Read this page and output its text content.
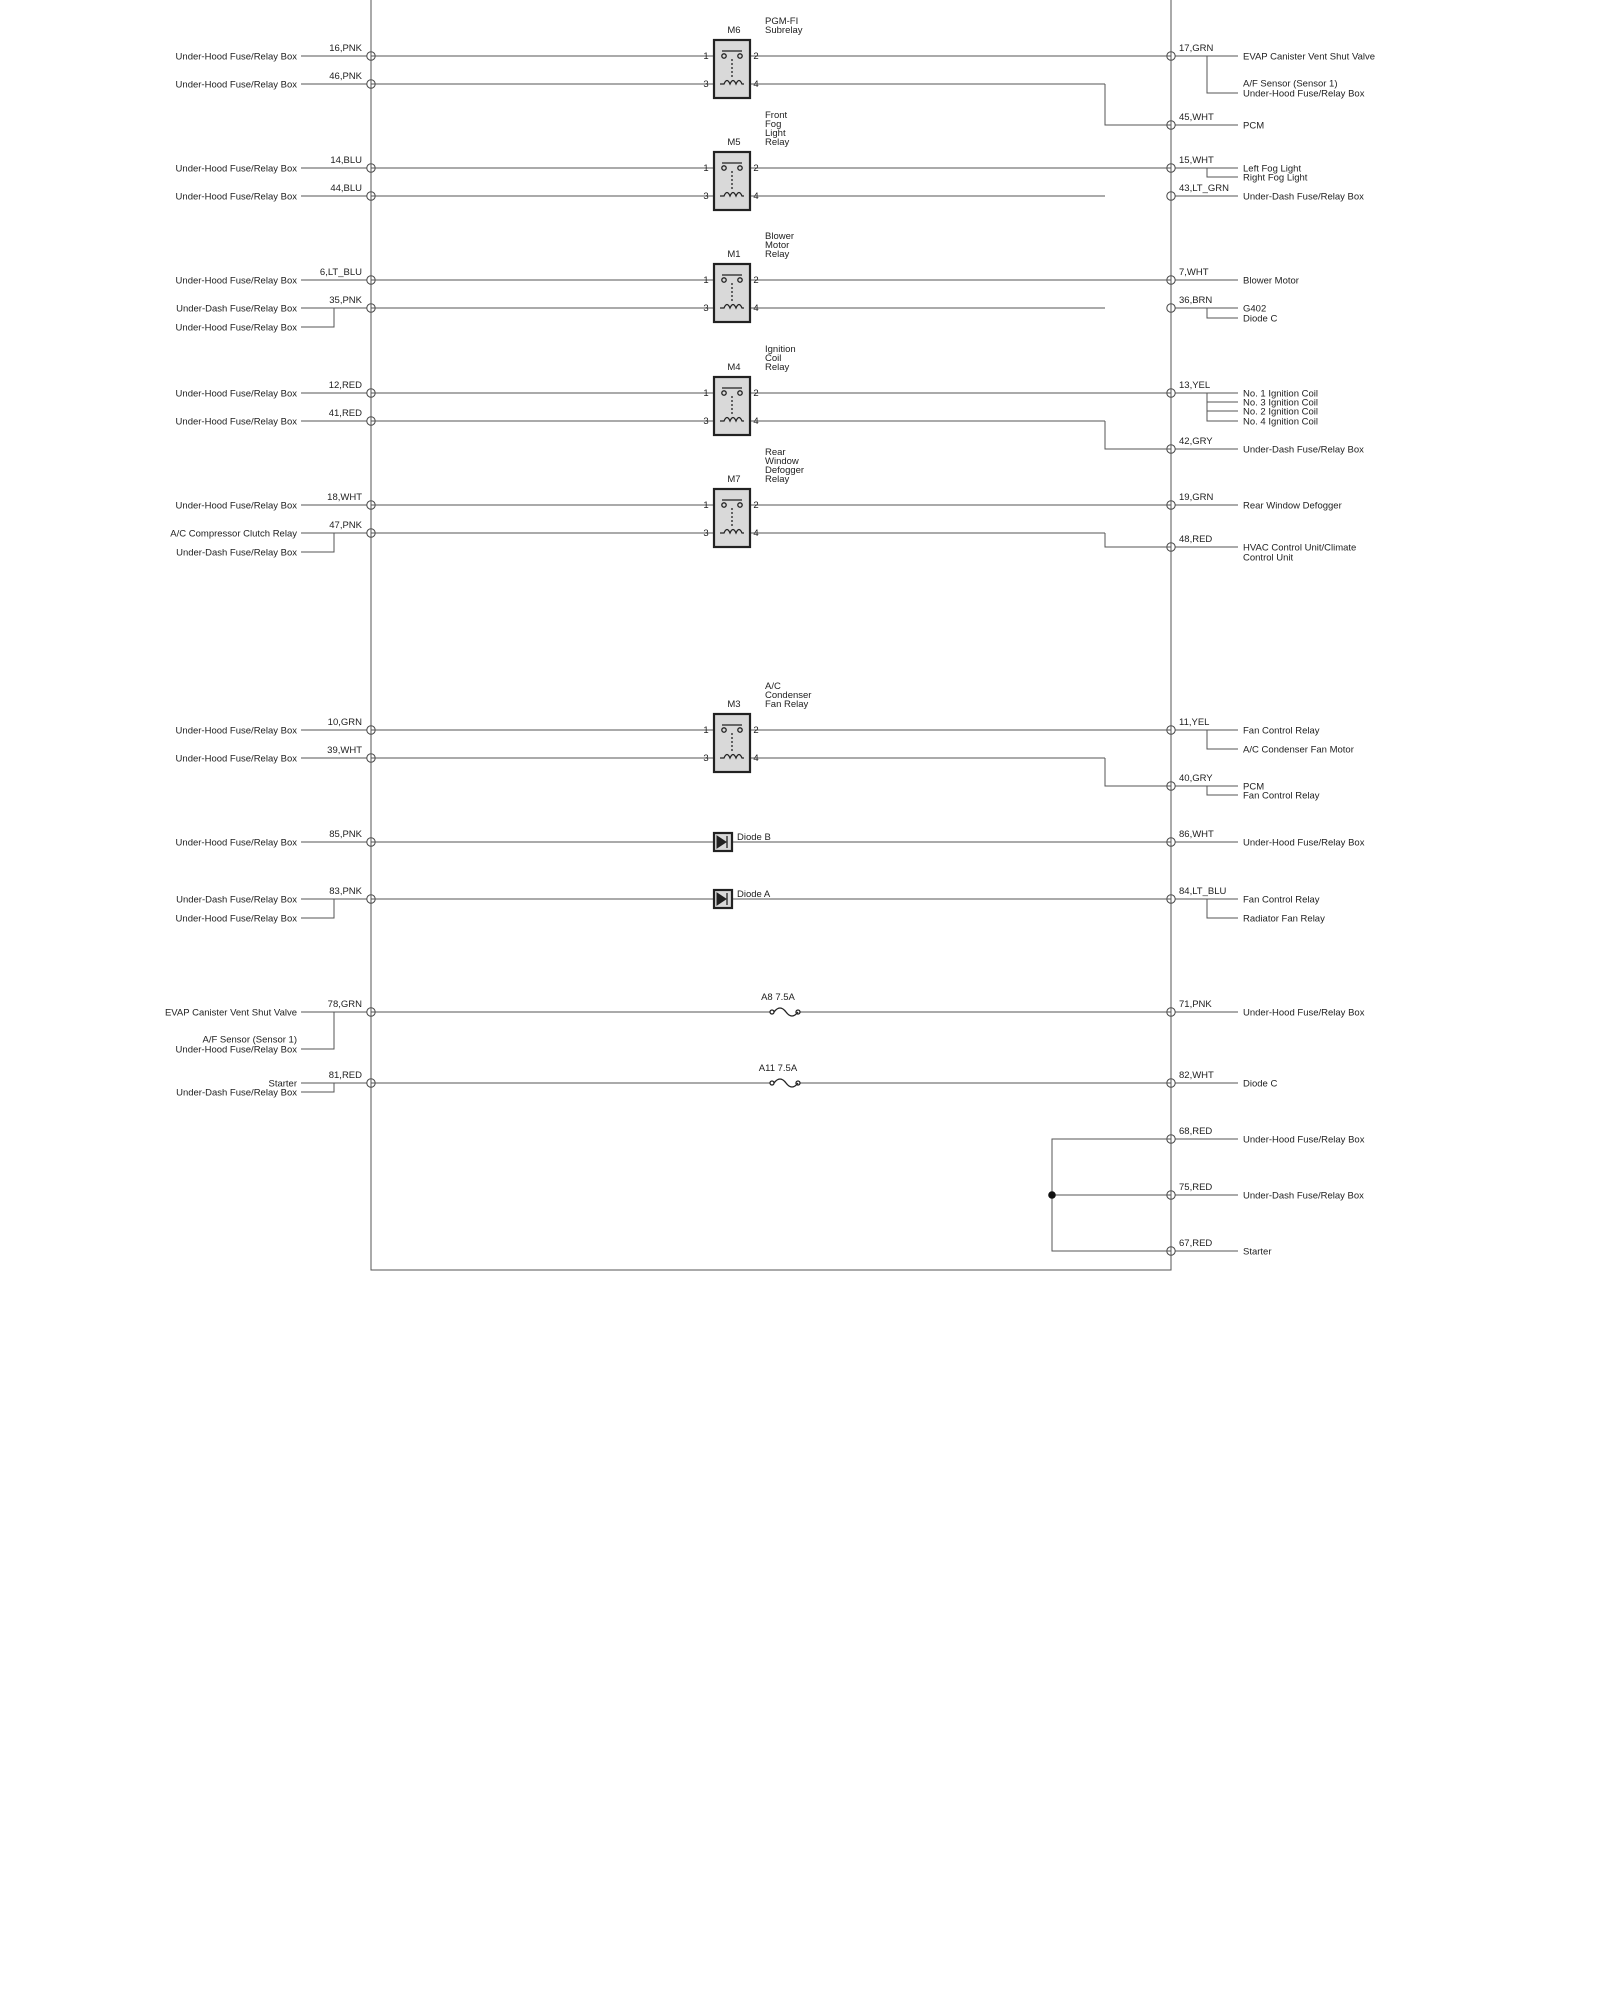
16,PNK
Under-Hood Fuse/Relay Box
46,PNK
Under-Hood Fuse/Relay Box
14,BLU
Under-Hood Fuse/Relay Box
44,BLU
Under-Hood Fuse/Relay Box
6,LT_BLU
Under-Hood Fuse/Relay Box
35,PNK
Under-Dash Fuse/Relay Box
Under-Hood Fuse/Relay Box
12,RED
Under-Hood Fuse/Relay Box
41,RED
Under-Hood Fuse/Relay Box
18,WHT
Under-Hood Fuse/Relay Box
47,PNK
A/C Compressor Clutch Relay
Under-Dash Fuse/Relay Box
10,GRN
Under-Hood Fuse/Relay Box
39,WHT
Under-Hood Fuse/Relay Box
85,PNK
Under-Hood Fuse/Relay Box
83,PNK
Under-Dash Fuse/Relay Box
Under-Hood Fuse/Relay Box
78,GRN
EVAP Canister Vent Shut Valve
A/F Sensor (Sensor 1)
Under-Hood Fuse/Relay Box
81,RED
Starter
Under-Dash Fuse/Relay Box
17,GRN
EVAP Canister Vent Shut Valve
A/F Sensor (Sensor 1)
Under-Hood Fuse/Relay Box
45,WHT
PCM
15,WHT
Left Fog Light
Right Fog Light
43,LT_GRN
Under-Dash Fuse/Relay Box
7,WHT
Blower Motor
36,BRN
G402
Diode C
13,YEL
No. 1 Ignition Coil
No. 3 Ignition Coil
No. 2 Ignition Coil
No. 4 Ignition Coil
42,GRY
Under-Dash Fuse/Relay Box
19,GRN
Rear Window Defogger
48,RED
HVAC Control Unit/Climate
Control Unit
11,YEL
Fan Control Relay
A/C Condenser Fan Motor
40,GRY
PCM
Fan Control Relay
86,WHT
Under-Hood Fuse/Relay Box
84,LT_BLU
Fan Control Relay
Radiator Fan Relay
71,PNK
Under-Hood Fuse/Relay Box
82,WHT
Diode C
68,RED
Under-Hood Fuse/Relay Box
75,RED
Under-Dash Fuse/Relay Box
67,RED
Starter
1	2
3	4
M6
PGM-FI
Subrelay
1	2
3	4
M5
Front
Fog
Light
Relay
1	2
3	4
M1
Blower
Motor
Relay
1	2
3	4
M4
Ignition
Coil
Relay
1	2
3	4
M7
Rear
Window
Defogger
Relay
1	2
3	4
M3
A/C
Condenser
Fan Relay
Diode B
Diode A
A8 7.5A
A11 7.5A
